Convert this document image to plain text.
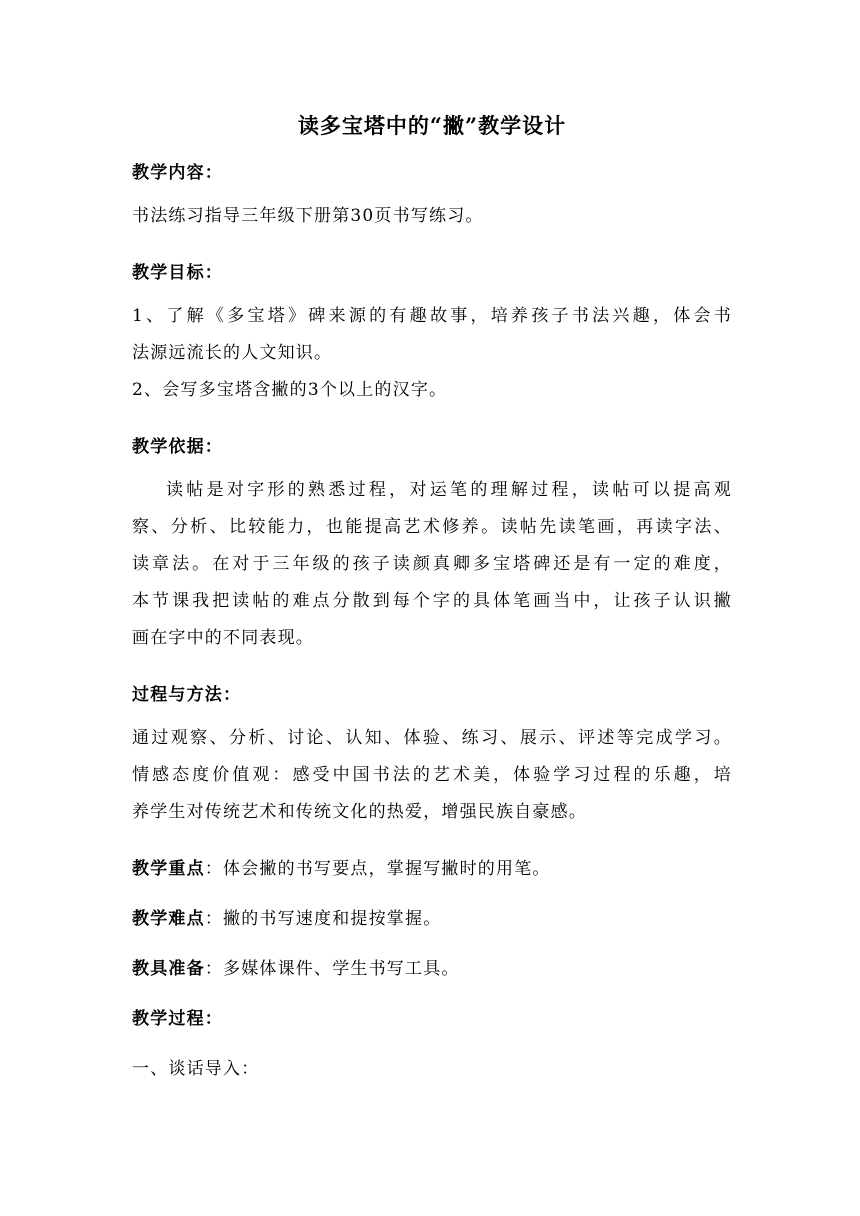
读多宝塔中的“撇”教学设计

教学内容：

书法练习指导三年级下册第30页书写练习。

教学目标：

1、了解《多宝塔》碑来源的有趣故事，培养孩子书法兴趣，体会书

法源远流长的人文知识。

2、会写多宝塔含撇的3个以上的汉字。

教学依据：

读帖是对字形的熟悉过程，对运笔的理解过程，读帖可以提高观

察、分析、比较能力，也能提高艺术修养。读帖先读笔画，再读字法、

读章法。在对于三年级的孩子读颜真卿多宝塔碑还是有一定的难度，

本节课我把读帖的难点分散到每个字的具体笔画当中，让孩子认识撇

画在字中的不同表现。

过程与方法：

通过观察、分析、讨论、认知、体验、练习、展示、评述等完成学习。

情感态度价值观：感受中国书法的艺术美，体验学习过程的乐趣，培

养学生对传统艺术和传统文化的热爱，增强民族自豪感。

教学重点：体会撇的书写要点，掌握写撇时的用笔。

教学难点：撇的书写速度和提按掌握。

教具准备：多媒体课件、学生书写工具。

教学过程：

一、谈话导入：
